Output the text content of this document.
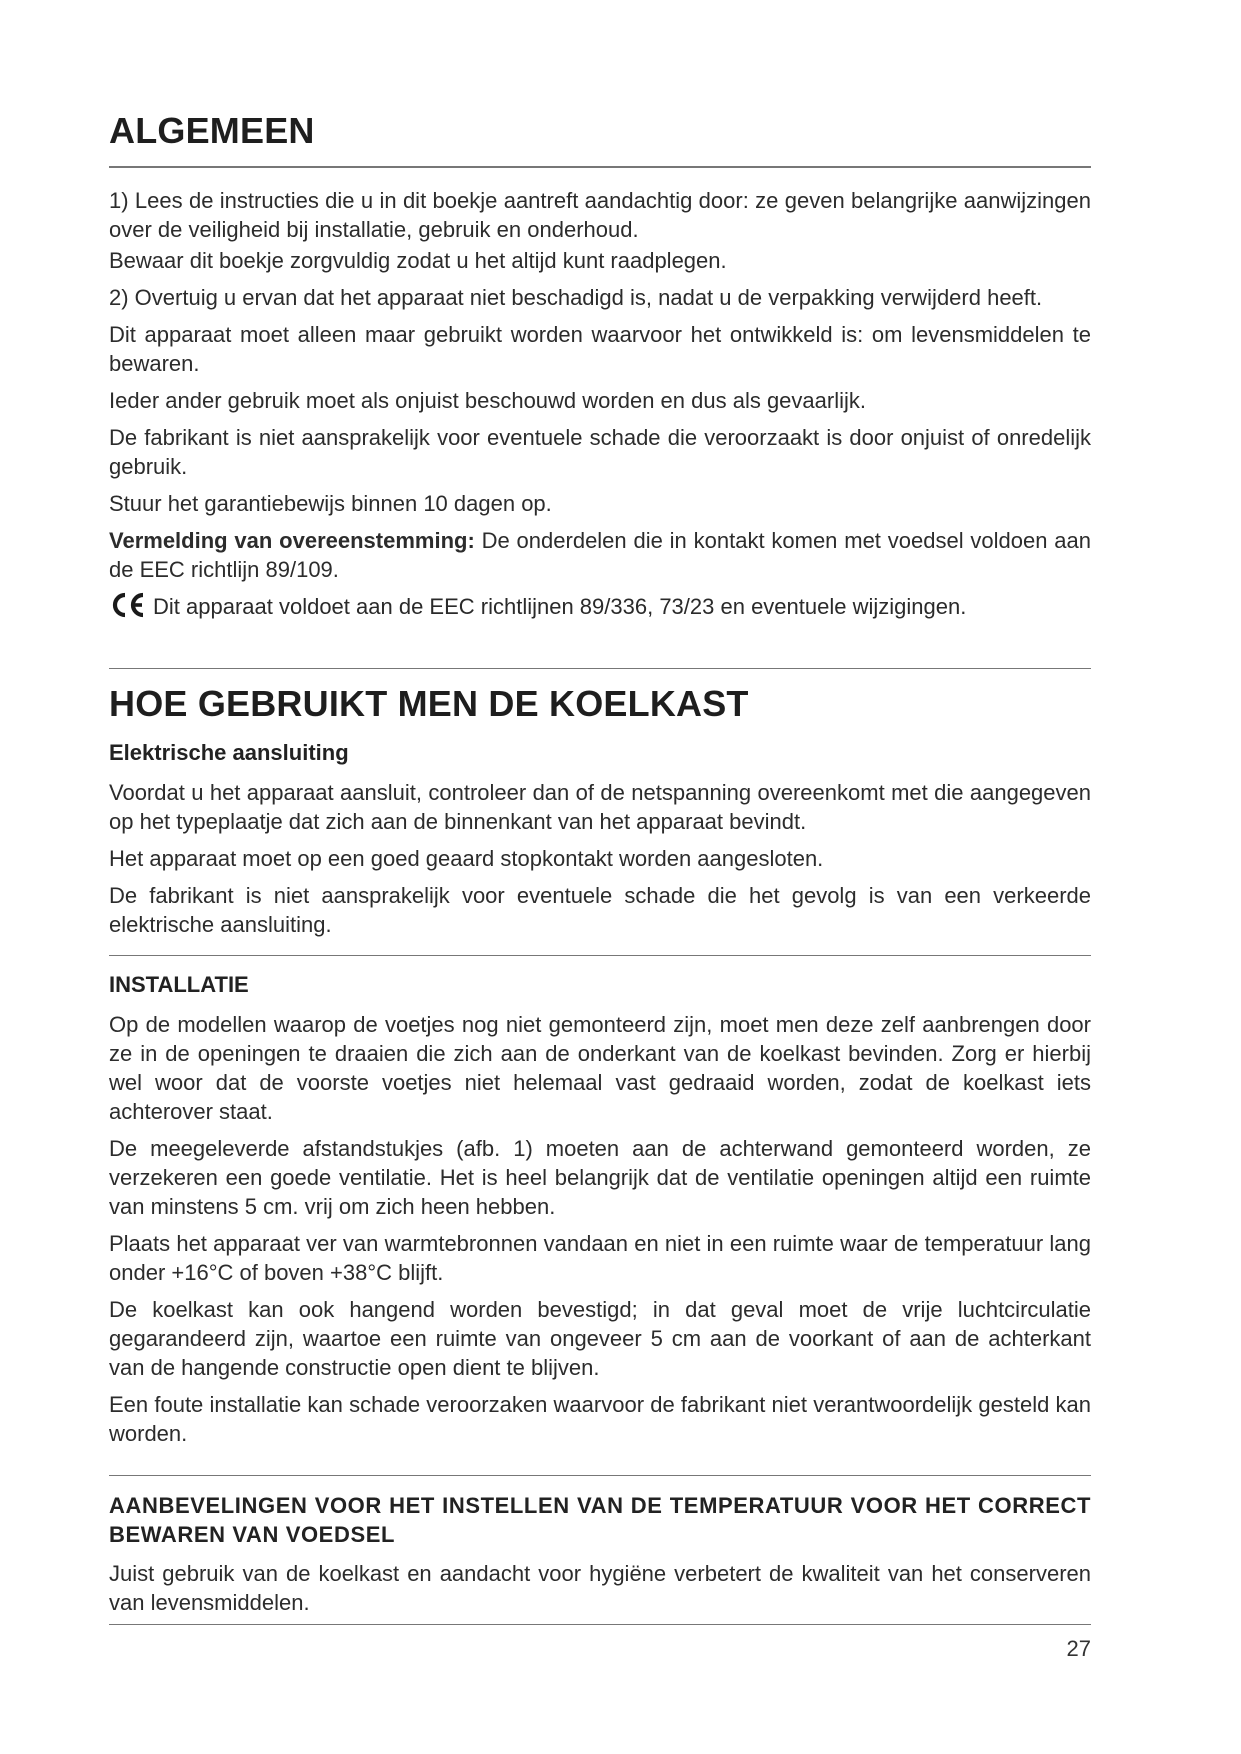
ALGEMEEN

1) Lees de instructies die u in dit boekje aantreft aandachtig door: ze geven belangrijke aanwijzingen over de veiligheid bij installatie, gebruik en onderhoud.

Bewaar dit boekje zorgvuldig zodat u het altijd kunt raadplegen.

2) Overtuig u ervan dat het apparaat niet beschadigd is, nadat u de verpakking verwijderd heeft.

Dit apparaat moet alleen maar gebruikt worden waarvoor het ontwikkeld is: om levensmiddelen te bewaren.

Ieder ander gebruik moet als onjuist beschouwd worden en dus als gevaarlijk.

De fabrikant is niet aansprakelijk voor eventuele schade die veroorzaakt is door onjuist of onredelijk gebruik.

Stuur het garantiebewijs binnen 10 dagen op.

Vermelding van overeenstemming: De onderdelen die in kontakt komen met voedsel voldoen aan de EEC richtlijn 89/109.

Dit apparaat voldoet aan de EEC richtlijnen 89/336, 73/23 en eventuele wijzigingen.

HOE GEBRUIKT MEN DE KOELKAST
Elektrische aansluiting

Voordat u het apparaat aansluit, controleer dan of de netspanning overeenkomt met die aangegeven op het typeplaatje dat zich aan de binnenkant van het apparaat bevindt.

Het apparaat moet op een goed geaard stopkontakt worden aangesloten.

De fabrikant is niet aansprakelijk voor eventuele schade die het gevolg is van een verkeerde elektrische aansluiting.

INSTALLATIE

Op de modellen waarop de voetjes nog niet gemonteerd zijn, moet men deze zelf aanbrengen door ze in de openingen te draaien die zich aan de onderkant van de koelkast bevinden. Zorg er hierbij wel woor dat de voorste voetjes niet helemaal vast gedraaid worden, zodat de koelkast iets achterover staat.

De meegeleverde afstandstukjes (afb. 1) moeten aan de achterwand gemonteerd worden, ze verzekeren een goede ventilatie. Het is heel belangrijk dat de ventilatie openingen altijd een ruimte van minstens 5 cm. vrij om zich heen hebben.

Plaats het apparaat ver van warmtebronnen vandaan en niet in een ruimte waar de temperatuur lang onder +16°C of boven +38°C blijft.

De koelkast kan ook hangend worden bevestigd; in dat geval moet de vrije luchtcirculatie gegarandeerd zijn, waartoe een ruimte van ongeveer 5 cm aan de voorkant of aan de achterkant van de hangende constructie open dient te blijven.

Een foute installatie kan schade veroorzaken waarvoor de fabrikant niet verantwoordelijk gesteld kan worden.

AANBEVELINGEN VOOR HET INSTELLEN VAN DE TEMPERATUUR VOOR HET CORRECT BEWAREN VAN VOEDSEL

Juist gebruik van de koelkast en aandacht voor hygiëne verbetert de kwaliteit van het conserveren van levensmiddelen.

27
